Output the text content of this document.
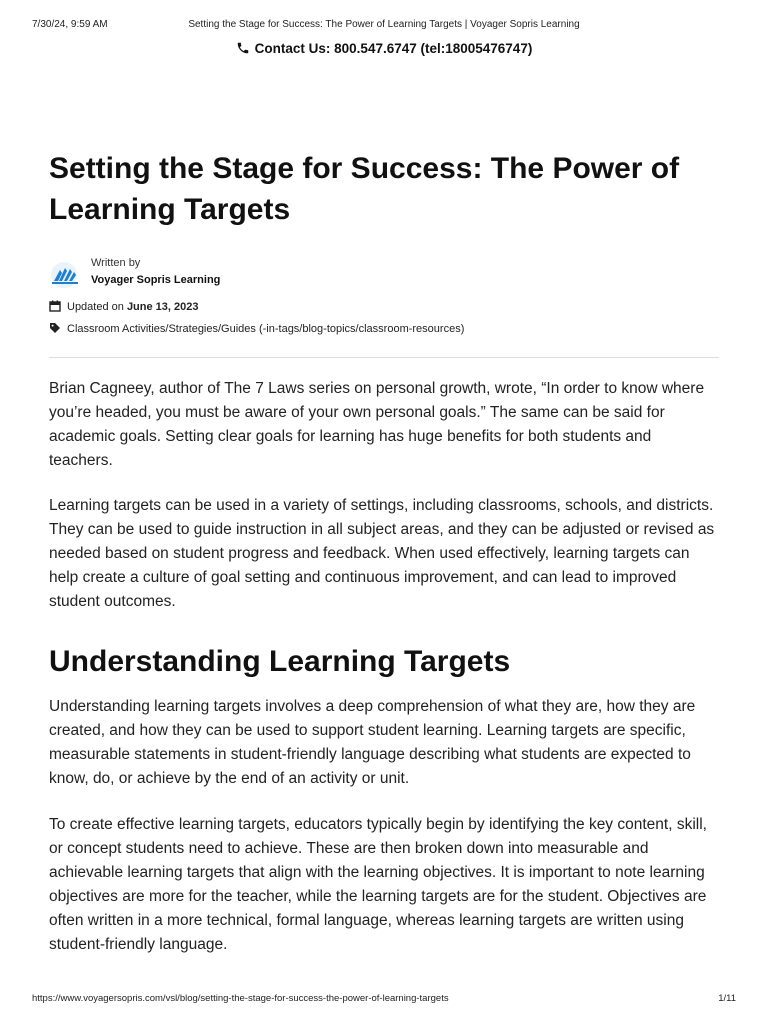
7/30/24, 9:59 AM	Setting the Stage for Success: The Power of Learning Targets | Voyager Sopris Learning
Contact Us: 800.547.6747 (tel:18005476747)
Setting the Stage for Success: The Power of Learning Targets
Written by
Voyager Sopris Learning
Updated on June 13, 2023
Classroom Activities/Strategies/Guides (-in-tags/blog-topics/classroom-resources)

Brian Cagneey, author of The 7 Laws series on personal growth, wrote, “In order to know where you’re headed, you must be aware of your own personal goals.” The same can be said for academic goals. Setting clear goals for learning has huge benefits for both students and teachers.

Learning targets can be used in a variety of settings, including classrooms, schools, and districts. They can be used to guide instruction in all subject areas, and they can be adjusted or revised as needed based on student progress and feedback. When used effectively, learning targets can help create a culture of goal setting and continuous improvement, and can lead to improved student outcomes.

Understanding Learning Targets

Understanding learning targets involves a deep comprehension of what they are, how they are created, and how they can be used to support student learning. Learning targets are specific, measurable statements in student-friendly language describing what students are expected to know, do, or achieve by the end of an activity or unit.

To create effective learning targets, educators typically begin by identifying the key content, skill, or concept students need to achieve. These are then broken down into measurable and achievable learning targets that align with the learning objectives. It is important to note learning objectives are more for the teacher, while the learning targets are for the student. Objectives are often written in a more technical, formal language, whereas learning targets are written using student-friendly language.

https://www.voyagersopris.com/vsl/blog/setting-the-stage-for-success-the-power-of-learning-targets	1/11
